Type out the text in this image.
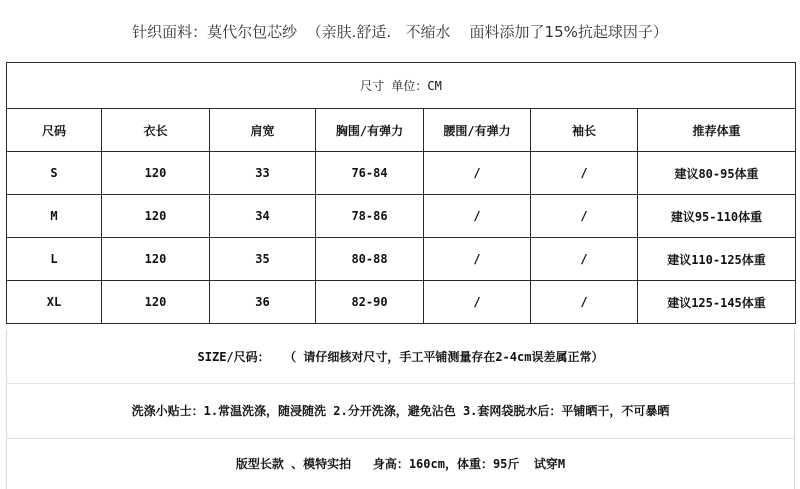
针织面料：莫代尔包芯纱  （亲肤.舒适.   不缩水    面料添加了15%抗起球因子）
尺寸 单位：CM						
尺码	衣长	肩宽	胸围/有弹力	腰围/有弹力	袖长	推荐体重
S	120	33	76-84	/	/	建议80-95体重
M	120	34	78-86	/	/	建议95-110体重
L	120	35	80-88	/	/	建议110-125体重
XL	120	36	82-90	/	/	建议125-145体重
SIZE/尺码：  （ 请仔细核对尺寸，手工平铺测量存在2-4cm误差属正常）
洗涤小贴士：1.常温洗涤，随浸随洗 2.分开洗涤，避免沾色 3.套网袋脱水后：平铺晒干，不可暴晒
版型长款 、模特实拍   身高：160cm，体重：95斤  试穿M
